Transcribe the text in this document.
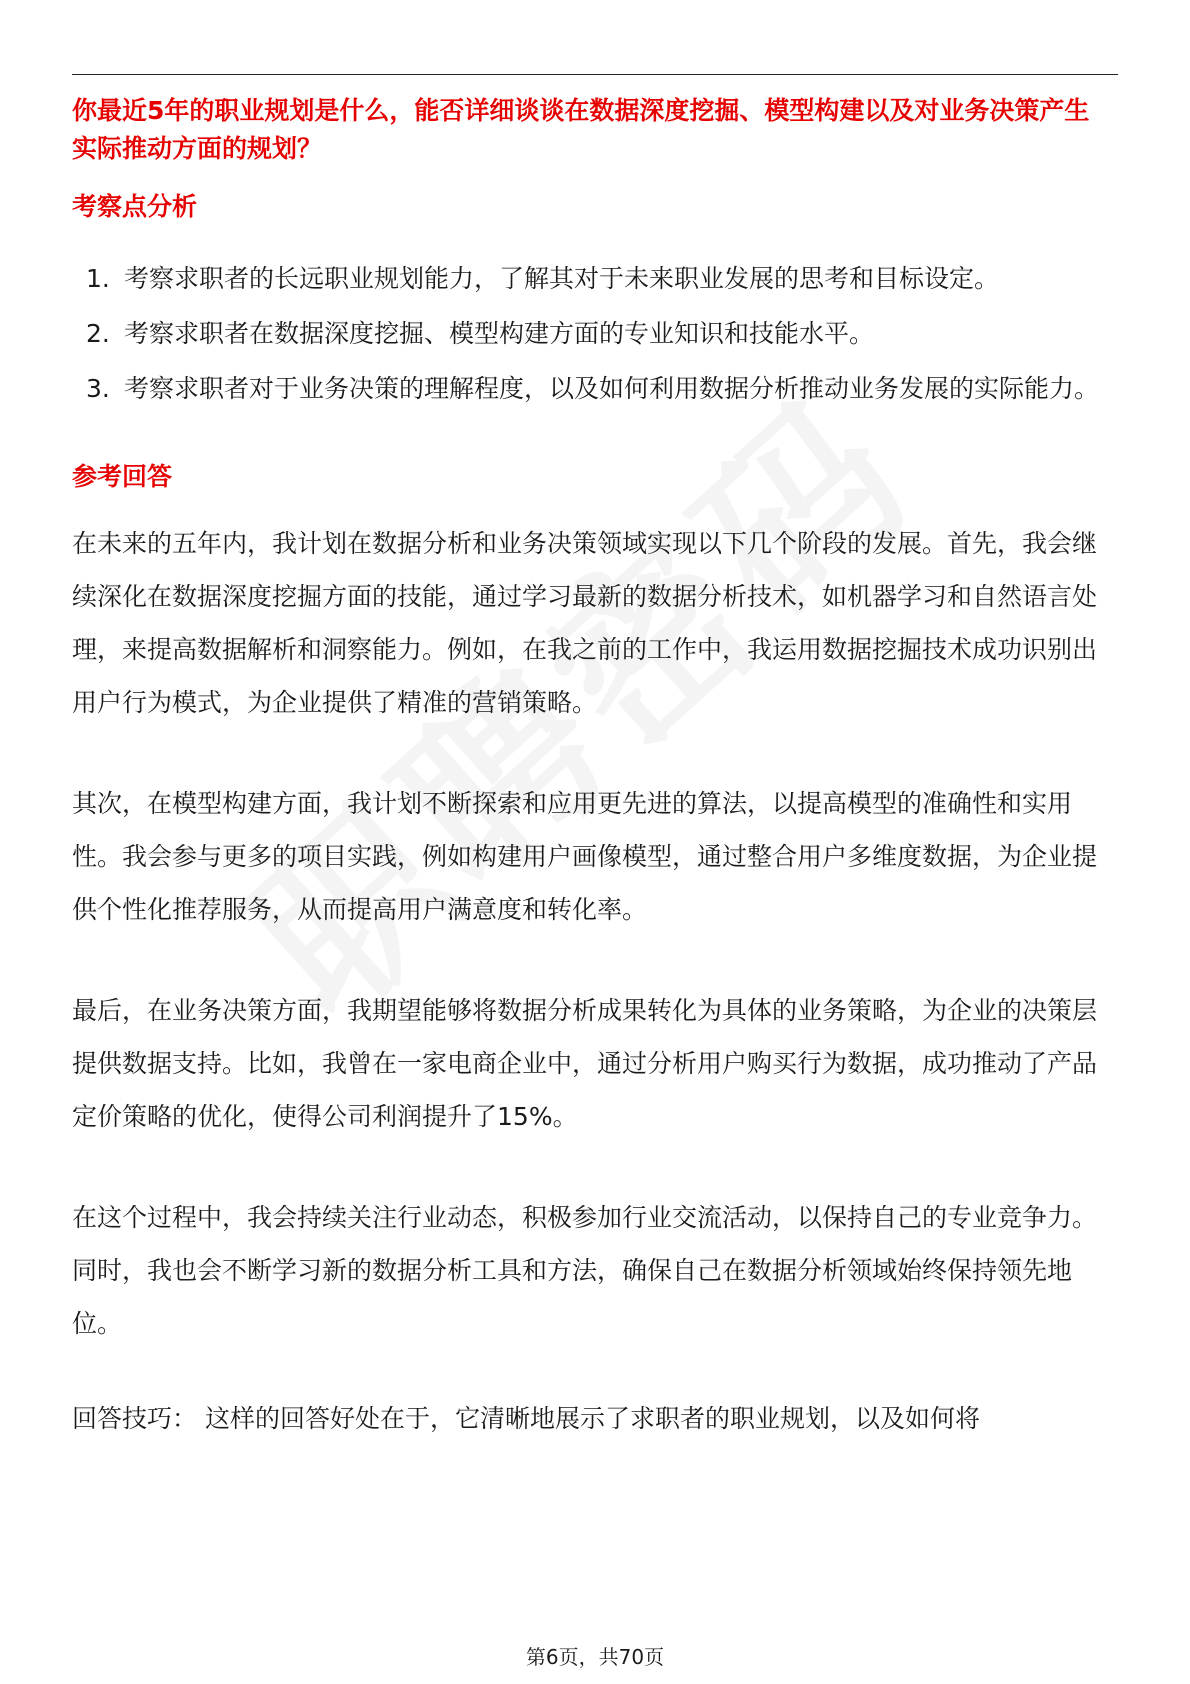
你最近5年的职业规划是什么，能否详细谈谈在数据深度挖掘、模型构建以及对业务决策产生实际推动方面的规划？

考察点分析

1. 考察求职者的长远职业规划能力，了解其对于未来职业发展的思考和目标设定。
2. 考察求职者在数据深度挖掘、模型构建方面的专业知识和技能水平。
3. 考察求职者对于业务决策的理解程度，以及如何利用数据分析推动业务发展的实际能力。

参考回答

在未来的五年内，我计划在数据分析和业务决策领域实现以下几个阶段的发展。首先，我会继续深化在数据深度挖掘方面的技能，通过学习最新的数据分析技术，如机器学习和自然语言处理，来提高数据解析和洞察能力。例如，在我之前的工作中，我运用数据挖掘技术成功识别出用户行为模式，为企业提供了精准的营销策略。

其次，在模型构建方面，我计划不断探索和应用更先进的算法，以提高模型的准确性和实用性。我会参与更多的项目实践，例如构建用户画像模型，通过整合用户多维度数据，为企业提供个性化推荐服务，从而提高用户满意度和转化率。

最后，在业务决策方面，我期望能够将数据分析成果转化为具体的业务策略，为企业的决策层提供数据支持。比如，我曾在一家电商企业中，通过分析用户购买行为数据，成功推动了产品定价策略的优化，使得公司利润提升了15%。

在这个过程中，我会持续关注行业动态，积极参加行业交流活动，以保持自己的专业竞争力。同时，我也会不断学习新的数据分析工具和方法，确保自己在数据分析领域始终保持领先地位。

回答技巧： 这样的回答好处在于，它清晰地展示了求职者的职业规划，以及如何将

第6页，共70页
